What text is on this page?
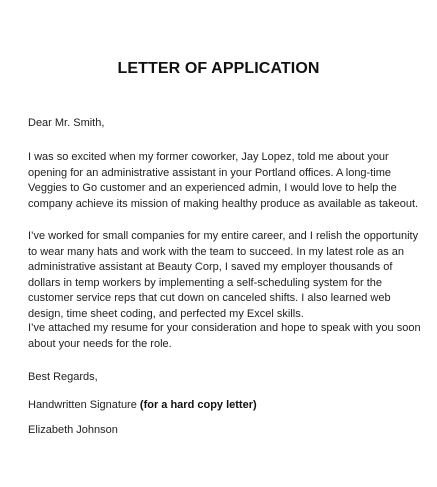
LETTER OF APPLICATION

Dear Mr. Smith,

I was so excited when my former coworker, Jay Lopez, told me about your opening for an administrative assistant in your Portland offices. A long-time Veggies to Go customer and an experienced admin, I would love to help the company achieve its mission of making healthy produce as available as takeout.

I’ve worked for small companies for my entire career, and I relish the opportunity to wear many hats and work with the team to succeed. In my latest role as an administrative assistant at Beauty Corp, I saved my employer thousands of dollars in temp workers by implementing a self-scheduling system for the customer service reps that cut down on canceled shifts. I also learned web design, time sheet coding, and perfected my Excel skills.

I’ve attached my resume for your consideration and hope to speak with you soon about your needs for the role.

Best Regards,

Handwritten Signature (for a hard copy letter)

Elizabeth Johnson
